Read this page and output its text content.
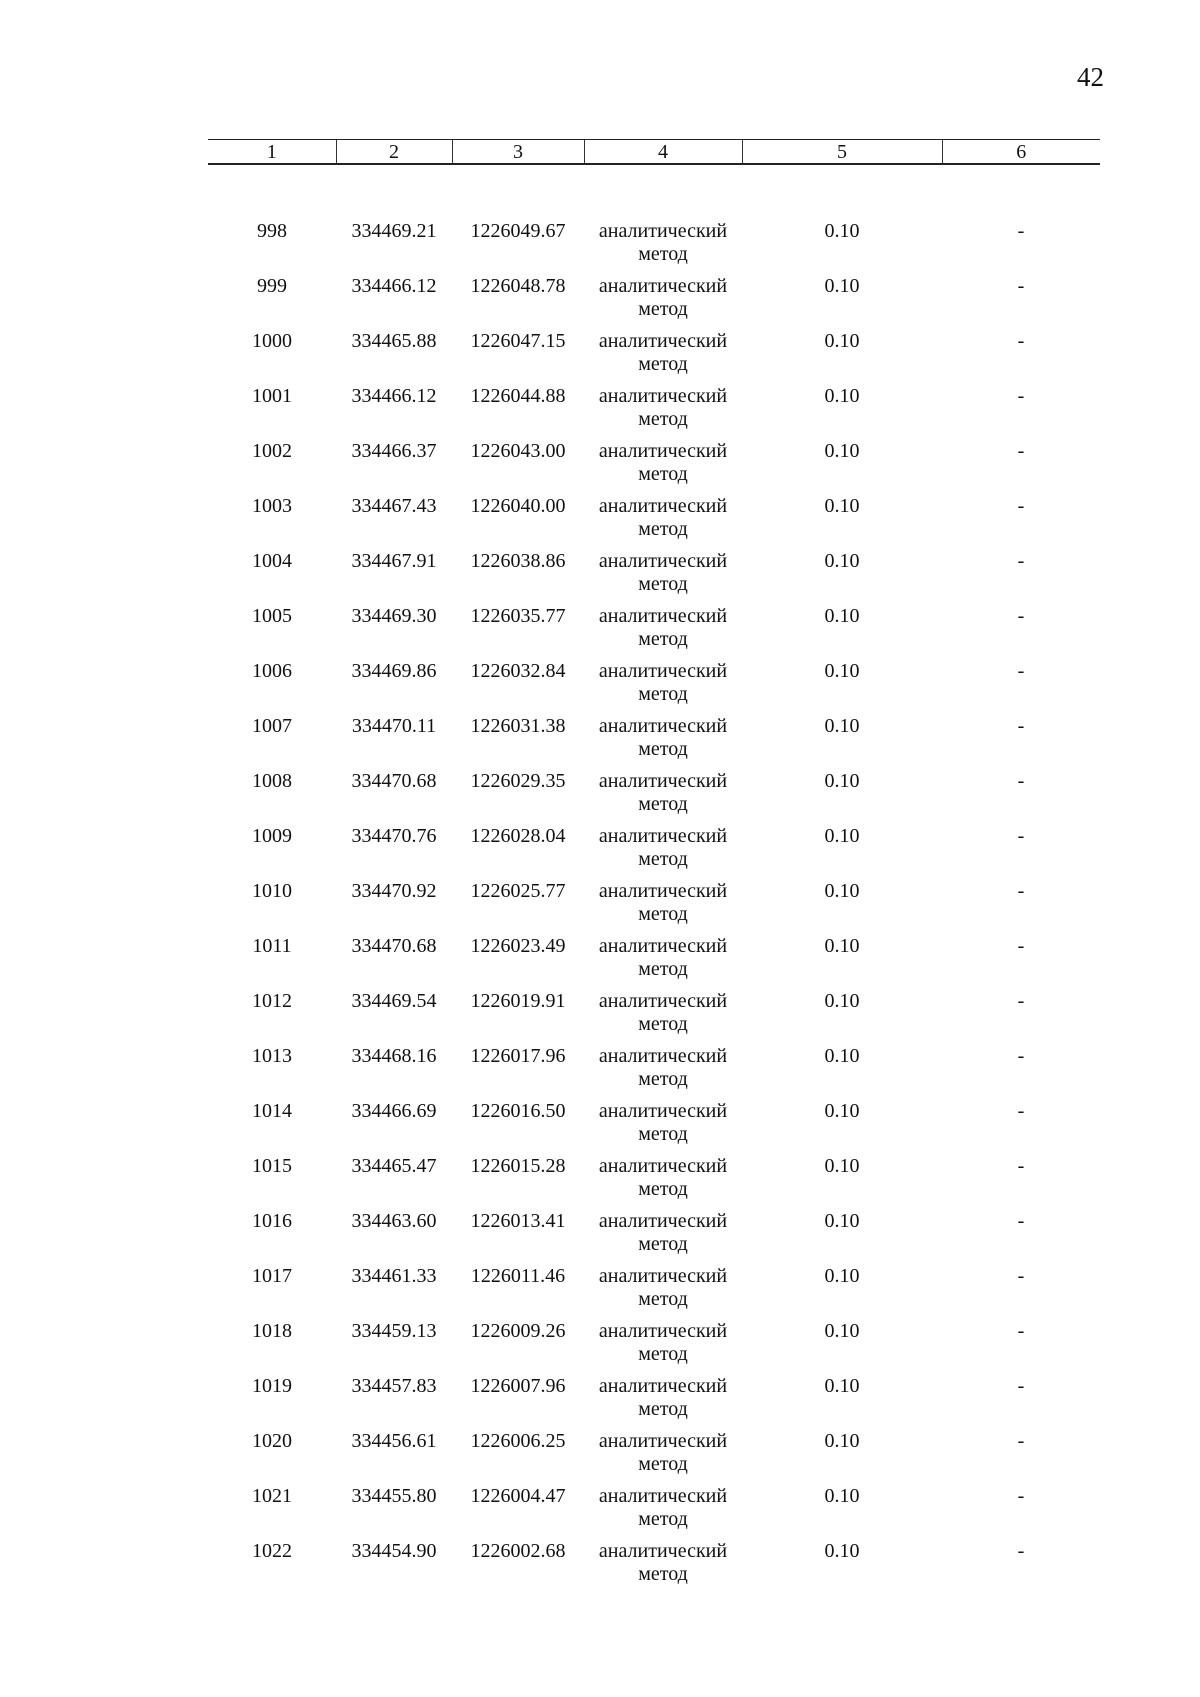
42
1	2	3	4	5	6

998	334469.21	1226049.67	аналитический
метод	0.10	-
999	334466.12	1226048.78	аналитический
метод	0.10	-
1000	334465.88	1226047.15	аналитический
метод	0.10	-
1001	334466.12	1226044.88	аналитический
метод	0.10	-
1002	334466.37	1226043.00	аналитический
метод	0.10	-
1003	334467.43	1226040.00	аналитический
метод	0.10	-
1004	334467.91	1226038.86	аналитический
метод	0.10	-
1005	334469.30	1226035.77	аналитический
метод	0.10	-
1006	334469.86	1226032.84	аналитический
метод	0.10	-
1007	334470.11	1226031.38	аналитический
метод	0.10	-
1008	334470.68	1226029.35	аналитический
метод	0.10	-
1009	334470.76	1226028.04	аналитический
метод	0.10	-
1010	334470.92	1226025.77	аналитический
метод	0.10	-
1011	334470.68	1226023.49	аналитический
метод	0.10	-
1012	334469.54	1226019.91	аналитический
метод	0.10	-
1013	334468.16	1226017.96	аналитический
метод	0.10	-
1014	334466.69	1226016.50	аналитический
метод	0.10	-
1015	334465.47	1226015.28	аналитический
метод	0.10	-
1016	334463.60	1226013.41	аналитический
метод	0.10	-
1017	334461.33	1226011.46	аналитический
метод	0.10	-
1018	334459.13	1226009.26	аналитический
метод	0.10	-
1019	334457.83	1226007.96	аналитический
метод	0.10	-
1020	334456.61	1226006.25	аналитический
метод	0.10	-
1021	334455.80	1226004.47	аналитический
метод	0.10	-
1022	334454.90	1226002.68	аналитический
метод	0.10	-
